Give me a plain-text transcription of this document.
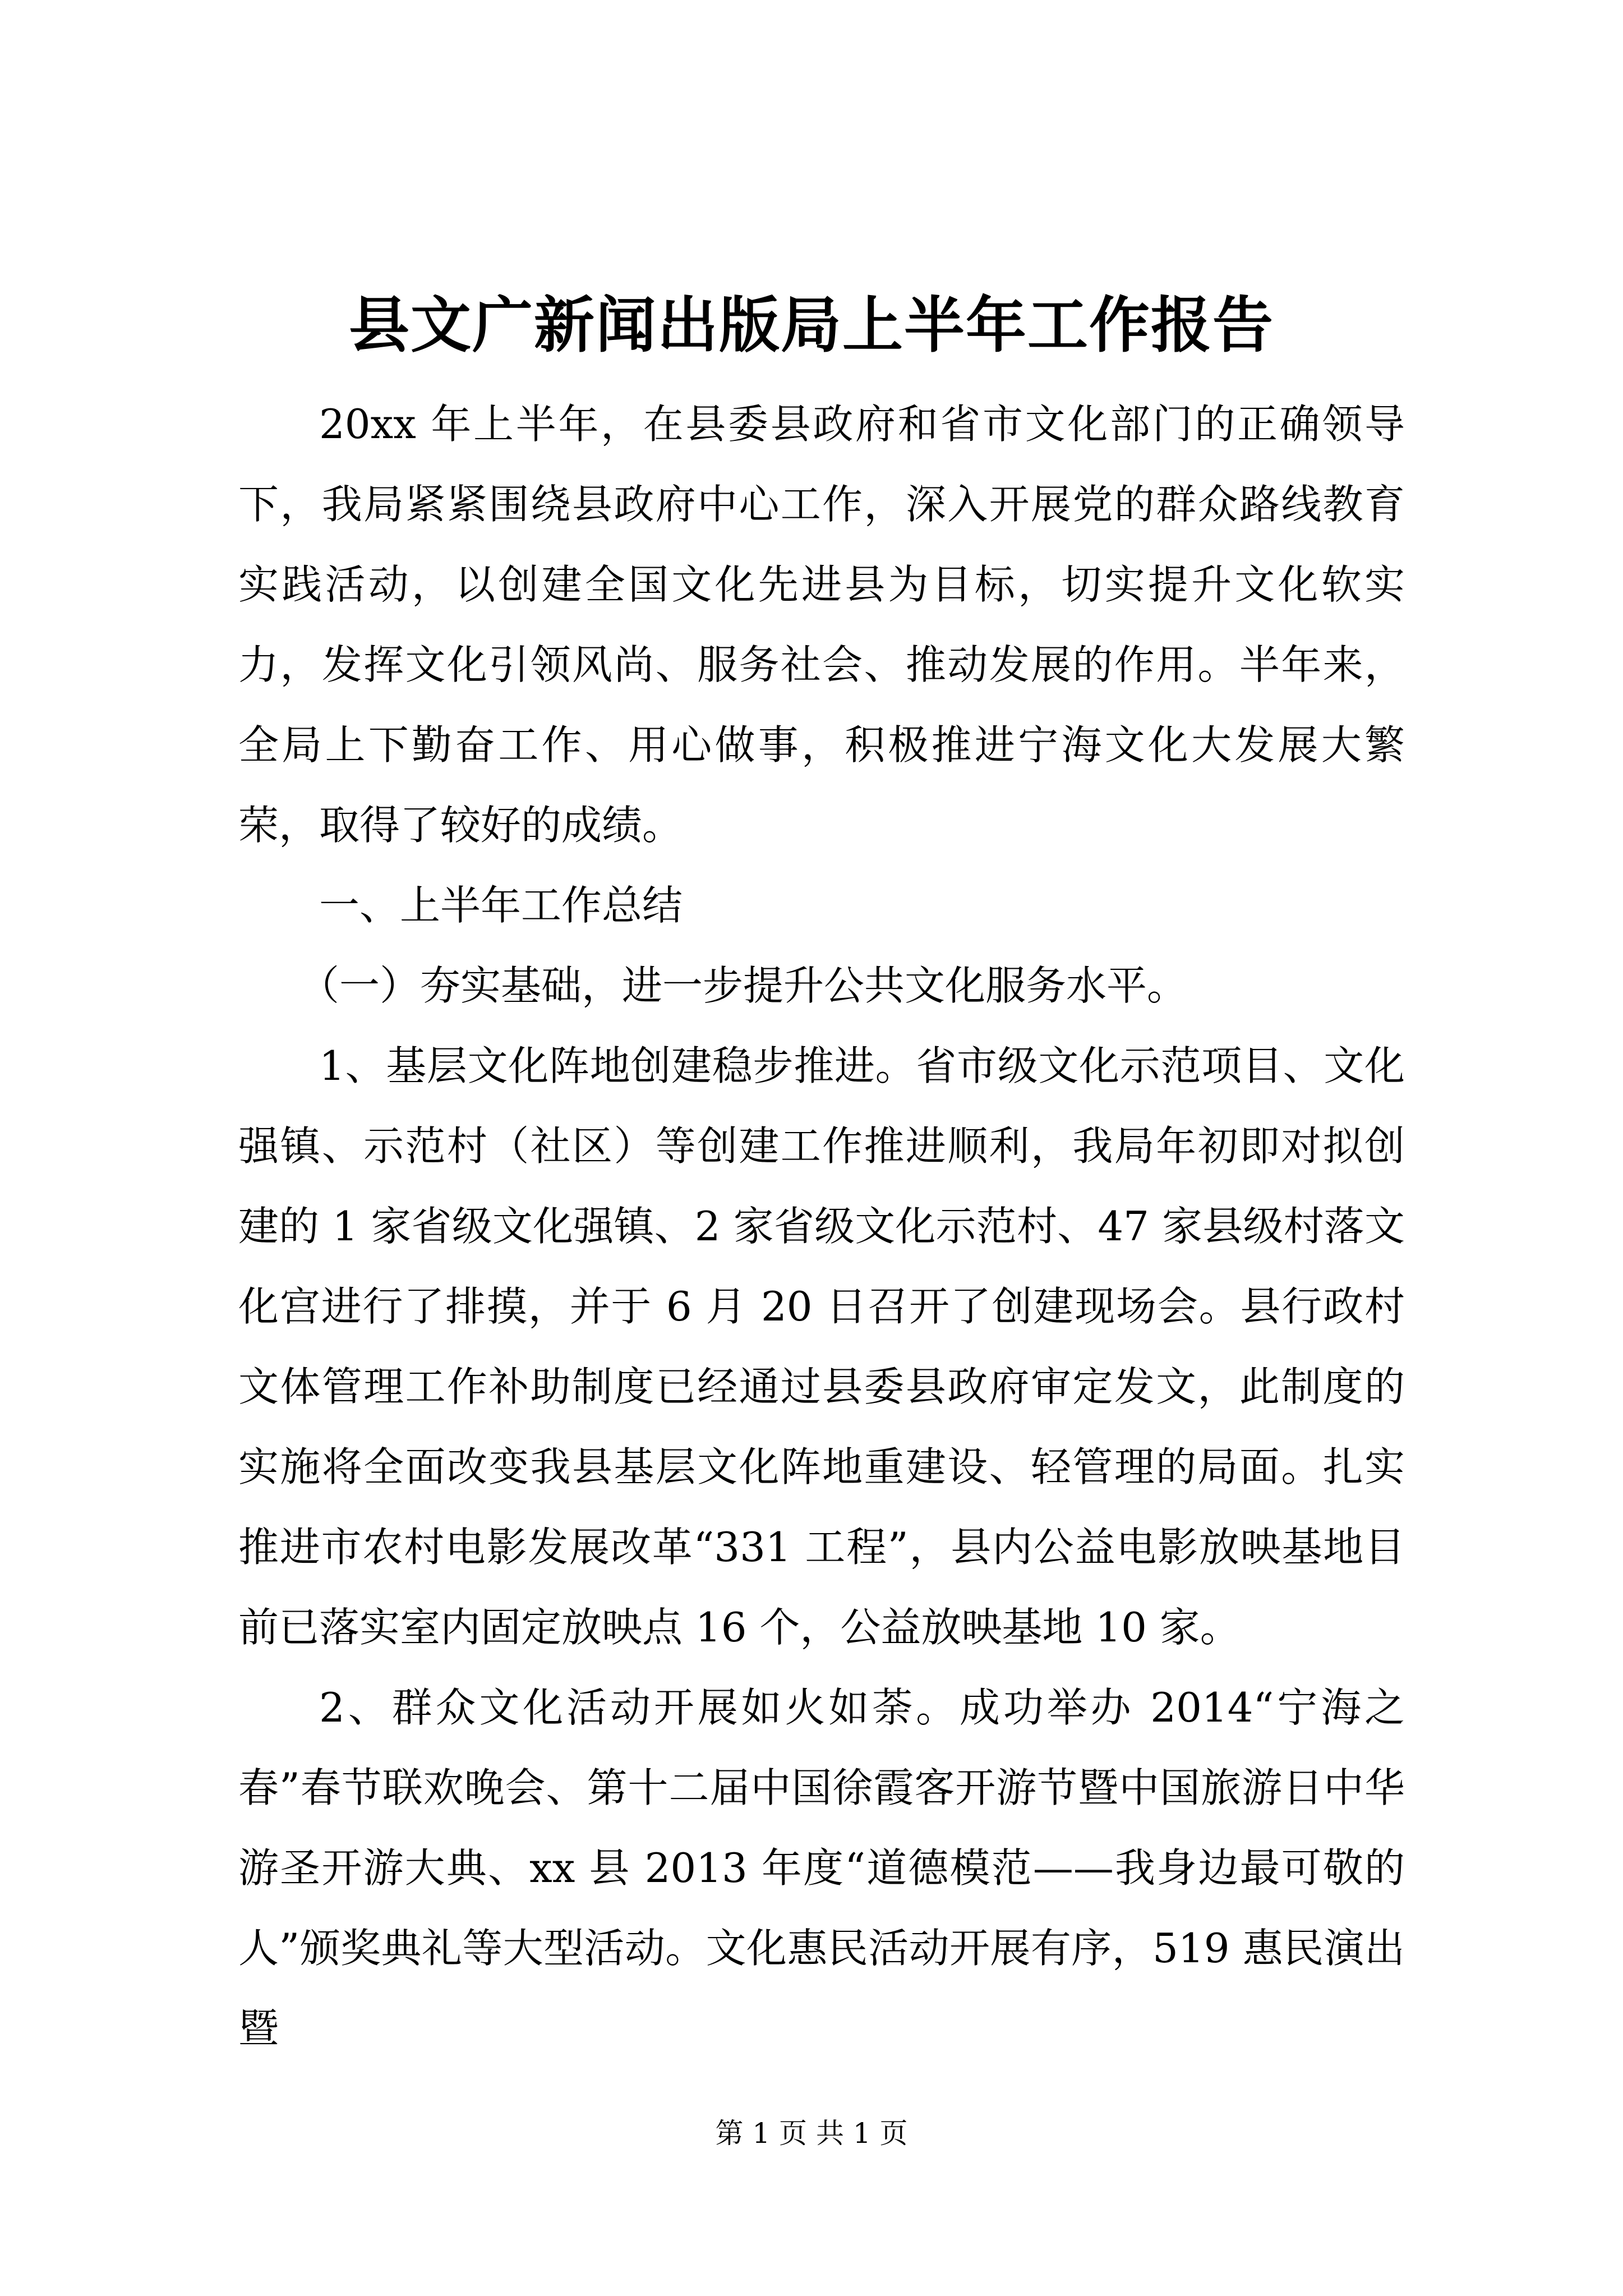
县文广新闻出版局上半年工作报告

20xx 年上半年，在县委县政府和省市文化部门的正确领导下，我局紧紧围绕县政府中心工作，深入开展党的群众路线教育实践活动，以创建全国文化先进县为目标，切实提升文化软实力，发挥文化引领风尚、服务社会、推动发展的作用。半年来，全局上下勤奋工作、用心做事，积极推进宁海文化大发展大繁荣，取得了较好的成绩。

一、上半年工作总结

（一）夯实基础，进一步提升公共文化服务水平。

1、基层文化阵地创建稳步推进。省市级文化示范项目、文化强镇、示范村（社区）等创建工作推进顺利，我局年初即对拟创建的 1 家省级文化强镇、2 家省级文化示范村、47 家县级村落文化宫进行了排摸，并于 6 月 20 日召开了创建现场会。县行政村文体管理工作补助制度已经通过县委县政府审定发文，此制度的实施将全面改变我县基层文化阵地重建设、轻管理的局面。扎实推进市农村电影发展改革“331 工程”，县内公益电影放映基地目前已落实室内固定放映点 16 个，公益放映基地 10 家。

2、群众文化活动开展如火如荼。成功举办 2014“宁海之春”春节联欢晚会、第十二届中国徐霞客开游节暨中国旅游日中华游圣开游大典、xx 县 2013 年度“道德模范——我身边最可敬的人”颁奖典礼等大型活动。文化惠民活动开展有序，519 惠民演出暨

第 1 页 共 1 页
